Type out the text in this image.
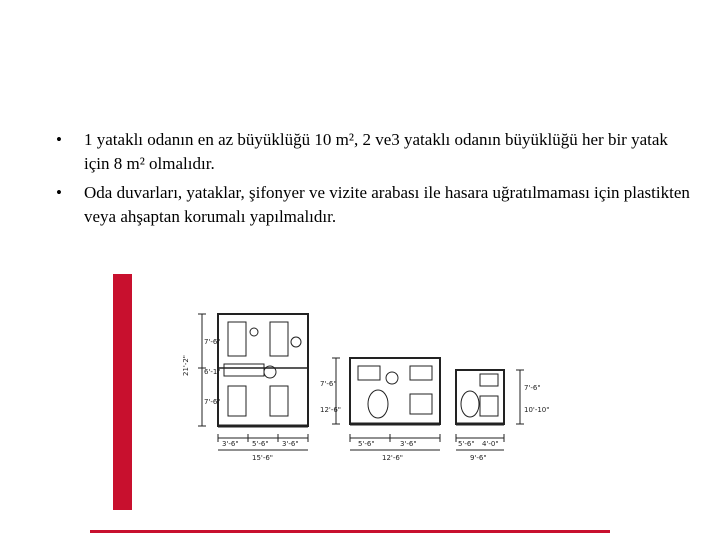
• 1 yataklı odanın en az büyüklüğü 10 m², 2 ve3 yataklı odanın büyüklüğü her bir yatak için 8 m² olmalıdır.
• Oda duvarları, yataklar, şifonyer ve vizite arabası ile hasara uğratılmaması için plastikten veya ahşaptan korumalı yapılmalıdır.
21'-2"
7'-6"
6'-1"
7'-6"
3'-6" 5'-6" 3'-6"
15'-6"
7'-6"
12'-6"
5'-6"	3'-6"
12'-6"
7'-6"
10'-10"
5'-6" 4'-0"
9'-6"
